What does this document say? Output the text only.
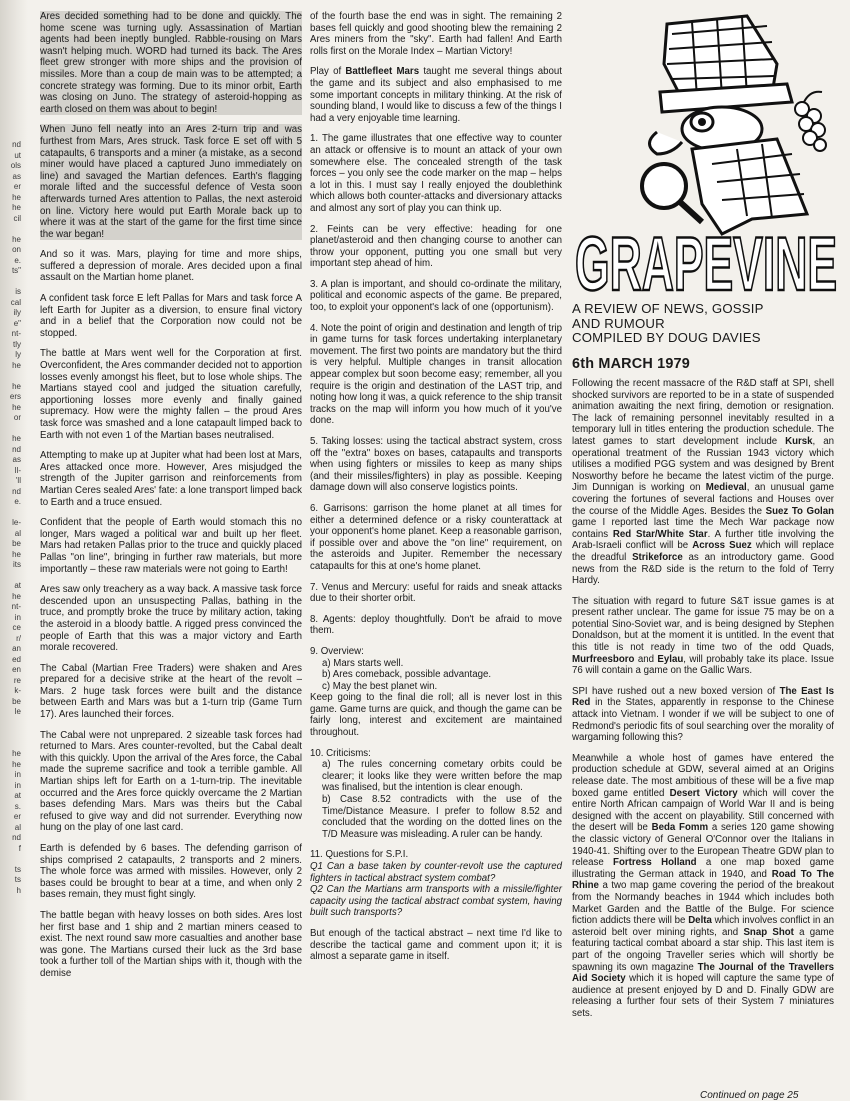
nd
ut
ols
as
er
he
he
cil

he
on
e.
ts"

is
cal
ily
e"
nt-
tly
ly
he

he
ers
he
or

he
nd
as
ll-
'll
nd
e.

le-
al
be
he
its

at
he
nt-
in
ce
r/
an
ed
en
re
k-
be
le

he
he
in
in
at
s.
er
al
nd
f

ts
ts
h

Ares decided something had to be done and quickly. The home scene was turning ugly. Assassination of Martian agents had been ineptly bungled. Rabble-rousing on Mars wasn't helping much. WORD had turned its back. The Ares fleet grew stronger with more ships and the provision of missiles. More than a coup de main was to be attempted; a concrete strategy was forming. Due to its minor orbit, Earth was closing on Juno. The strategy of asteroid-hopping as earth closed on them was about to begin!

When Juno fell neatly into an Ares 2-turn trip and was furthest from Mars, Ares struck. Task force E set off with 5 catapaults, 6 transports and a miner (a mistake, as a second miner would have placed a captured Juno immediately on line) and savaged the Martian defences. Earth's flagging morale lifted and the successful defence of Vesta soon afterwards turned Ares attention to Pallas, the next asteroid on line. Victory here would put Earth Morale back up to where it was at the start of the game for the first time since the war began!

And so it was. Mars, playing for time and more ships, suffered a depression of morale. Ares decided upon a final assault on the Martian home planet.

A confident task force E left Pallas for Mars and task force A left Earth for Jupiter as a diversion, to ensure final victory and in a belief that the Corporation now could not be stopped.

The battle at Mars went well for the Corporation at first. Overconfident, the Ares commander decided not to apportion losses evenly amongst his fleet, but to lose whole ships. The Martians stayed cool and judged the situation carefully, apportioning losses more evenly and finally gained supremacy. How were the mighty fallen – the proud Ares task force was smashed and a lone catapault limped back to Earth with not even 1 of the Martian bases neutralised.

Attempting to make up at Jupiter what had been lost at Mars, Ares attacked once more. However, Ares misjudged the strength of the Jupiter garrison and reinforcements from Martian Ceres sealed Ares' fate: a lone transport limped back to Earth and a truce ensued.

Confident that the people of Earth would stomach this no longer, Mars waged a political war and built up her fleet. Mars had retaken Pallas prior to the truce and quickly placed Pallas "on line", bringing in further raw materials, but more importantly – these raw materials were not going to Earth!

Ares saw only treachery as a way back. A massive task force descended upon an unsuspecting Pallas, bathing in the truce, and promptly broke the truce by military action, taking the asteroid in a bloody battle. A rigged press convinced the people of Earth that this was a major victory and Earth morale recovered.

The Cabal (Martian Free Traders) were shaken and Ares prepared for a decisive strike at the heart of the revolt – Mars. 2 huge task forces were built and the distance between Earth and Mars was but a 1-turn trip (Game Turn 17). Ares launched their forces.

The Cabal were not unprepared. 2 sizeable task forces had returned to Mars. Ares counter-revolted, but the Cabal dealt with this quickly. Upon the arrival of the Ares force, the Cabal made the supreme sacrifice and took a terrible gamble. All Martian ships left for Earth on a 1-turn-trip. The inevitable occurred and the Ares force quickly overcame the 2 Martian bases defending Mars. Mars was theirs but the Cabal refused to give way and did not surrender. Everything now hung on the play of one last card.

Earth is defended by 6 bases. The defending garrison of ships comprised 2 catapaults, 2 transports and 2 miners. The whole force was armed with missiles. However, only 2 bases could be brought to bear at a time, and when only 2 bases remain, they must fight singly.

The battle began with heavy losses on both sides. Ares lost her first base and 1 ship and 2 martian miners ceased to exist. The next round saw more casualties and another base was gone. The Martians cursed their luck as the 3rd base took a further toll of the Martian ships with it, though with the demise

of the fourth base the end was in sight. The remaining 2 bases fell quickly and good shooting blew the remaining 2 Ares miners from the "sky". Earth had fallen! And Earth rolls first on the Morale Index – Martian Victory!

Play of Battlefleet Mars taught me several things about the game and its subject and also emphasised to me some important concepts in military thinking. At the risk of sounding bland, I would like to discuss a few of the things I had a very enjoyable time learning.

1. The game illustrates that one effective way to counter an attack or offensive is to mount an attack of your own somewhere else. The concealed strength of the task forces – you only see the code marker on the map – helps a lot in this. I must say I really enjoyed the doublethink which allows both counter-attacks and diversionary attacks and almost any sort of play you can think up.
2. Feints can be very effective: heading for one planet/asteroid and then changing course to another can throw your opponent, putting you one small but very important step ahead of him.
3. A plan is important, and should co-ordinate the military, political and economic aspects of the game. Be prepared, too, to exploit your opponent's lack of one (opportunism).
4. Note the point of origin and destination and length of trip in game turns for task forces undertaking interplanetary movement. The first two points are mandatory but the third is very helpful. Multiple changes in transit allocation appear complex but soon become easy; remember, all you require is the origin and destination of the LAST trip, and noting how long it was, a quick reference to the ship transit tracks on the map will inform you how much of it you've done.
5. Taking losses: using the tactical abstract system, cross off the "extra" boxes on bases, catapaults and transports when using fighters or missiles to keep as many ships (and their missiles/fighters) in play as possible. Keeping damage down will also conserve logistics points.
6. Garrisons: garrison the home planet at all times for either a determined defence or a risky counterattack at your opponent's home planet. Keep a reasonable garrison, if possible over and above the "on line" requirement, on the asteroids and Jupiter. Remember the necessary catapaults for this at one's home planet.
7. Venus and Mercury: useful for raids and sneak attacks due to their shorter orbit.
8. Agents: deploy thoughtfully. Don't be afraid to move them.
9. Overview:
a) Mars starts well.
b) Ares comeback, possible advantage.
c) May the best planet win.
Keep going to the final die roll; all is never lost in this game. Game turns are quick, and though the game can be fairly long, interest and excitement are maintained throughout.
10. Criticisms:
a) The rules concerning cometary orbits could be clearer; it looks like they were written before the map was finalised, but the intention is clear enough.
b) Case 8.52 contradicts with the use of the Time/Distance Measure. I prefer to follow 8.52 and concluded that the wording on the dotted lines on the T/D Measure was misleading. A ruler can be handy.
11. Questions for S.P.I.
Q1 Can a base taken by counter-revolt use the captured fighters in tactical abstract system combat?
Q2 Can the Martians arm transports with a missile/fighter capacity using the tactical abstract combat system, having built such transports?

But enough of the tactical abstract – next time I'd like to describe the tactical game and comment upon it; it is almost a separate game in itself.

GRAPEVINE
A REVIEW OF NEWS, GOSSIP
AND RUMOUR
COMPILED BY DOUG DAVIES
6th MARCH 1979

Following the recent massacre of the R&D staff at SPI, shell shocked survivors are reported to be in a state of suspended animation awaiting the next firing, demotion or resignation. The lack of remaining personnel inevitably resulted in a temporary lull in titles entering the production schedule. The latest games to start development include Kursk, an operational treatment of the Russian 1943 victory which utilises a modified PGG system and was designed by Brent Nosworthy before he became the latest victim of the purge. Jim Dunnigan is working on Medieval, an unusual game covering the fortunes of several factions and Houses over the course of the Middle Ages. Besides the Suez To Golan game I reported last time the Mech War package now contains Red Star/White Star. A further title involving the Arab-Israeli conflict will be Across Suez which will replace the dreadful Strikeforce as an introductory game. Good news from the R&D side is the return to the fold of Terry Hardy.

The situation with regard to future S&T issue games is at present rather unclear. The game for issue 75 may be on a potential Sino-Soviet war, and is being designed by Stephen Donaldson, but at the moment it is untitled. In the event that this title is not ready in time two of the odd Quads, Murfreesboro and Eylau, will probably take its place. Issue 76 will contain a game on the Gallic Wars.

SPI have rushed out a new boxed version of The East Is Red in the States, apparently in response to the Chinese attack into Vietnam. I wonder if we will be subject to one of Redmond's periodic fits of soul searching over the morality of wargaming following this?

Meanwhile a whole host of games have entered the production schedule at GDW, several aimed at an Origins release date. The most ambitious of these will be a five map boxed game entitled Desert Victory which will cover the entire North African campaign of World War II and is being designed with the accent on playability. Still concerned with the desert will be Beda Fomm a series 120 game showing the classic victory of General O'Connor over the Italians in 1940-41. Shifting over to the European Theatre GDW plan to release Fortress Holland a one map boxed game illustrating the German attack in 1940, and Road To The Rhine a two map game covering the period of the breakout from the Normandy beaches in 1944 which includes both Market Garden and the Battle of the Bulge. For science fiction addicts there will be Delta which involves conflict in an asteroid belt over mining rights, and Snap Shot a game featuring tactical combat aboard a star ship. This last item is part of the ongoing Traveller series which will shortly be spawning its own magazine The Journal of the Travellers Aid Society which it is hoped will capture the same type of audience at present enjoyed by D and D. Finally GDW are releasing a further four sets of their System 7 miniatures sets.

Continued on page 25
